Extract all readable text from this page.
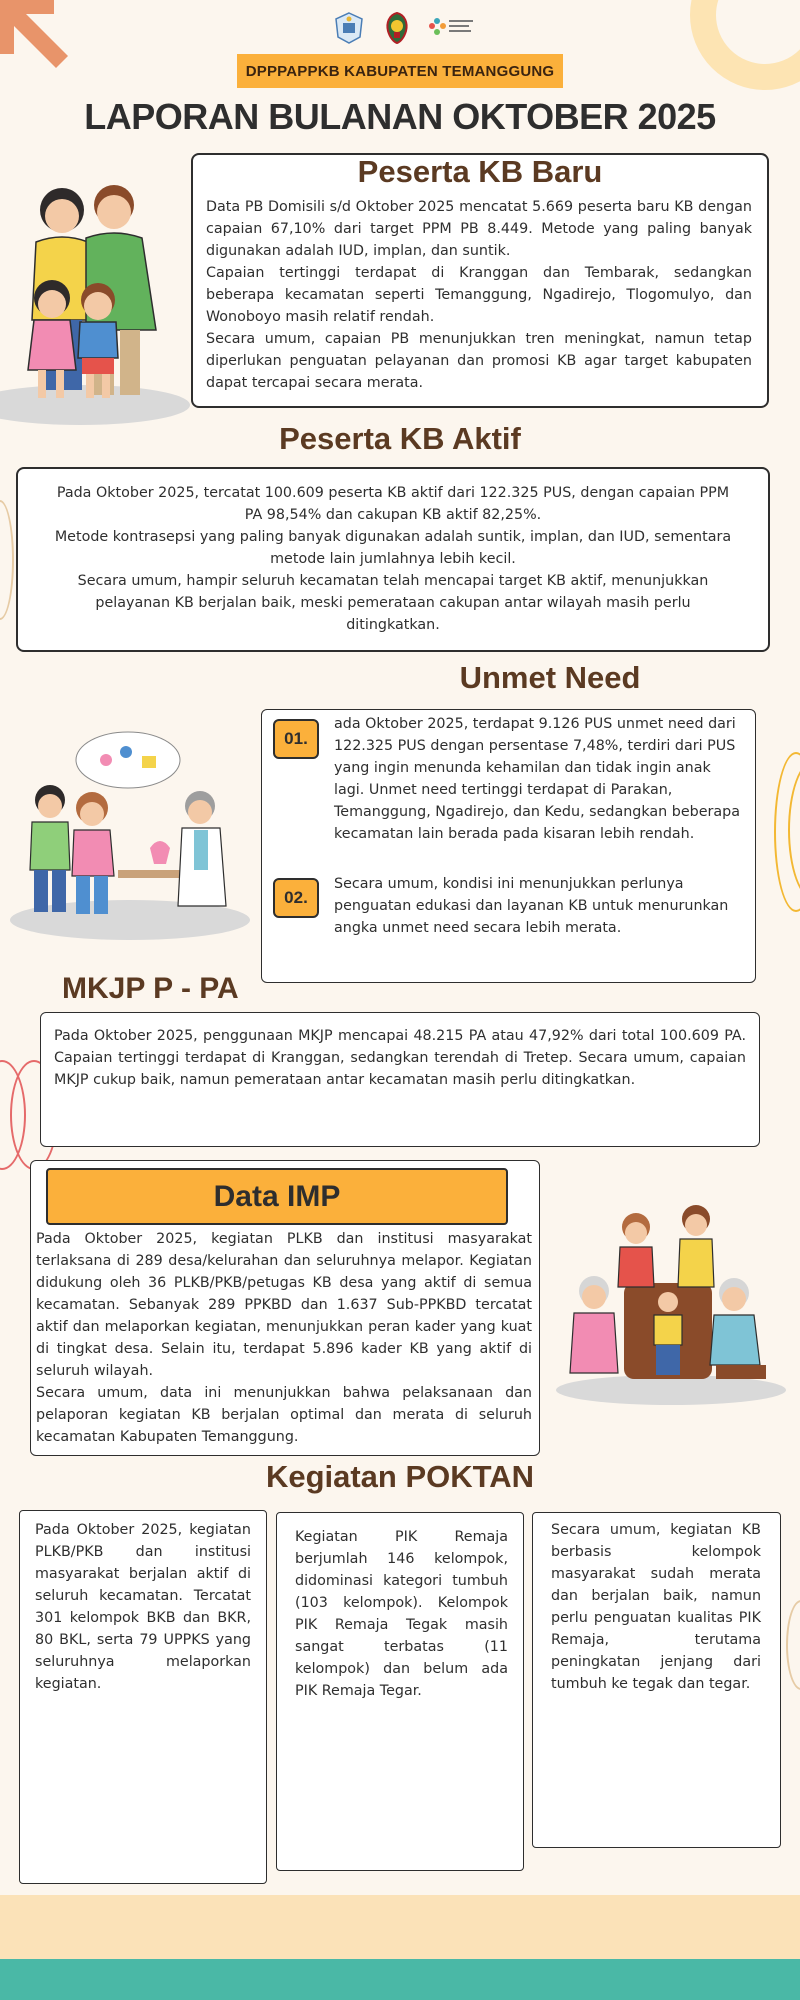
DPPPAPPKB KABUPATEN TEMANGGUNG
LAPORAN BULANAN OKTOBER 2025
Peserta KB Baru

Data PB Domisili s/d Oktober 2025 mencatat 5.669 peserta baru KB dengan capaian 67,10% dari target PPM PB 8.449. Metode yang paling banyak digunakan adalah IUD, implan, dan suntik.

Capaian tertinggi terdapat di Kranggan dan Tembarak, sedangkan beberapa kecamatan seperti Temanggung, Ngadirejo, Tlogomulyo, dan Wonoboyo masih relatif rendah.

Secara umum, capaian PB menunjukkan tren meningkat, namun tetap diperlukan penguatan pelayanan dan promosi KB agar target kabupaten dapat tercapai secara merata.

Peserta KB Aktif

Pada Oktober 2025, tercatat 100.609 peserta KB aktif dari 122.325 PUS, dengan capaian PPM PA 98,54% dan cakupan KB aktif 82,25%.

Metode kontrasepsi yang paling banyak digunakan adalah suntik, implan, dan IUD, sementara metode lain jumlahnya lebih kecil.

Secara umum, hampir seluruh kecamatan telah mencapai target KB aktif, menunjukkan pelayanan KB berjalan baik, meski pemerataan cakupan antar wilayah masih perlu ditingkatkan.

Unmet Need
01.
ada Oktober 2025, terdapat 9.126 PUS unmet need dari 122.325 PUS dengan persentase 7,48%, terdiri dari PUS yang ingin menunda kehamilan dan tidak ingin anak lagi. Unmet need tertinggi terdapat di Parakan, Temanggung, Ngadirejo, dan Kedu, sedangkan beberapa kecamatan lain berada pada kisaran lebih rendah.
02.
Secara umum, kondisi ini menunjukkan perlunya penguatan edukasi dan layanan KB untuk menurunkan angka unmet need secara lebih merata.
MKJP P - PA
Pada Oktober 2025, penggunaan MKJP mencapai 48.215 PA atau 47,92% dari total 100.609 PA. Capaian tertinggi terdapat di Kranggan, sedangkan terendah di Tretep. Secara umum, capaian MKJP cukup baik, namun pemerataan antar kecamatan masih perlu ditingkatkan.
Data IMP

Pada Oktober 2025, kegiatan PLKB dan institusi masyarakat terlaksana di 289 desa/kelurahan dan seluruhnya melapor. Kegiatan didukung oleh 36 PLKB/PKB/petugas KB desa yang aktif di semua kecamatan. Sebanyak 289 PPKBD dan 1.637 Sub-PPKBD tercatat aktif dan melaporkan kegiatan, menunjukkan peran kader yang kuat di tingkat desa. Selain itu, terdapat 5.896 kader KB yang aktif di seluruh wilayah.

Secara umum, data ini menunjukkan bahwa pelaksanaan dan pelaporan kegiatan KB berjalan optimal dan merata di seluruh kecamatan Kabupaten Temanggung.

Kegiatan POKTAN
Pada Oktober 2025, kegiatan PLKB/PKB dan institusi masyarakat berjalan aktif di seluruh kecamatan. Tercatat 301 kelompok BKB dan BKR, 80 BKL, serta 79 UPPKS yang seluruhnya melaporkan kegiatan.
Kegiatan PIK Remaja berjumlah 146 kelompok, didominasi kategori tumbuh (103 kelompok). Kelompok PIK Remaja Tegak masih sangat terbatas (11 kelompok) dan belum ada PIK Remaja Tegar.
Secara umum, kegiatan KB berbasis kelompok masyarakat sudah merata dan berjalan baik, namun perlu penguatan kualitas PIK Remaja, terutama peningkatan jenjang dari tumbuh ke tegak dan tegar.
